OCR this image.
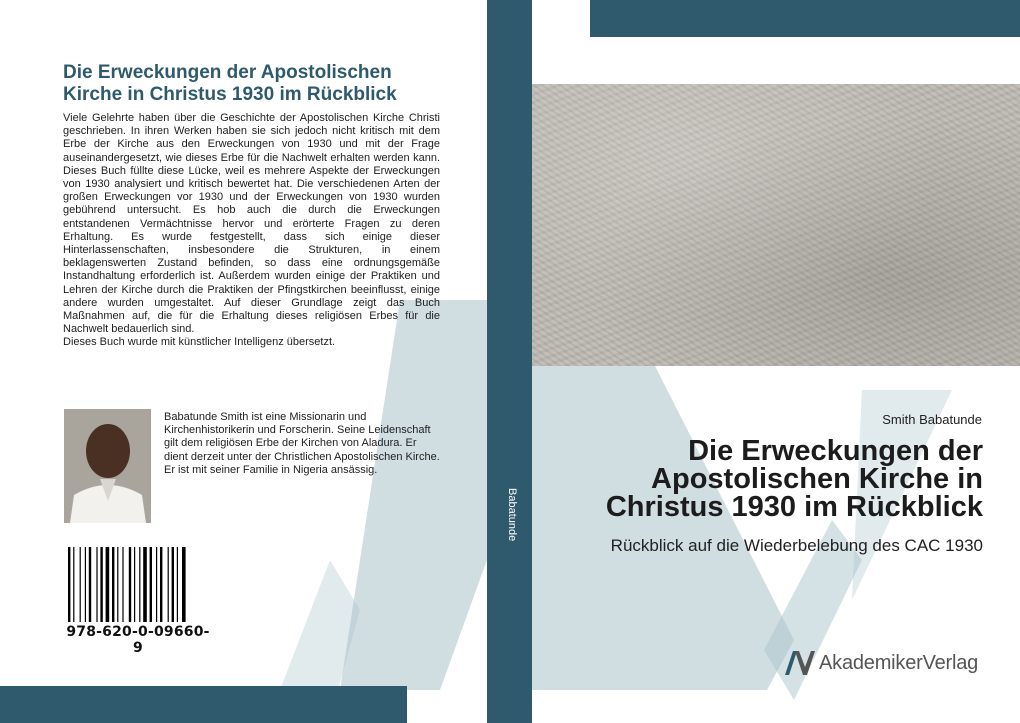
Die Erweckungen der Apostolischen Kirche in Christus 1930 im Rückblick

Viele Gelehrte haben über die Geschichte der Apostolischen Kirche Christi geschrieben. In ihren Werken haben sie sich jedoch nicht kritisch mit dem Erbe der Kirche aus den Erweckungen von 1930 und mit der Frage auseinandergesetzt, wie dieses Erbe für die Nachwelt erhalten werden kann. Dieses Buch füllte diese Lücke, weil es mehrere Aspekte der Erweckungen von 1930 analysiert und kritisch bewertet hat. Die verschiedenen Arten der großen Erweckungen vor 1930 und der Erweckungen von 1930 wurden gebührend untersucht. Es hob auch die durch die Erweckungen entstandenen Vermächtnisse hervor und erörterte Fragen zu deren Erhaltung. Es wurde festgestellt, dass sich einige dieser Hinterlassenschaften, insbesondere die Strukturen, in einem beklagenswerten Zustand befinden, so dass eine ordnungsgemäße Instandhaltung erforderlich ist. Außerdem wurden einige der Praktiken und Lehren der Kirche durch die Praktiken der Pfingstkirchen beeinflusst, einige andere wurden umgestaltet. Auf dieser Grundlage zeigt das Buch Maßnahmen auf, die für die Erhaltung dieses religiösen Erbes für die Nachwelt bedauerlich sind.

Dieses Buch wurde mit künstlicher Intelligenz übersetzt.

Babatunde Smith ist eine Missionarin und Kirchenhistorikerin und Forscherin. Seine Leidenschaft gilt dem religiösen Erbe der Kirchen von Aladura. Er dient derzeit unter der Christlichen Apostolischen Kirche. Er ist mit seiner Familie in Nigeria ansässig.

978-620-0-09660-9
Babatunde

Smith Babatunde

Die Erweckungen der Apostolischen Kirche in Christus 1930 im Rückblick

Rückblick auf die Wiederbelebung des CAC 1930

AkademikerVerlag
